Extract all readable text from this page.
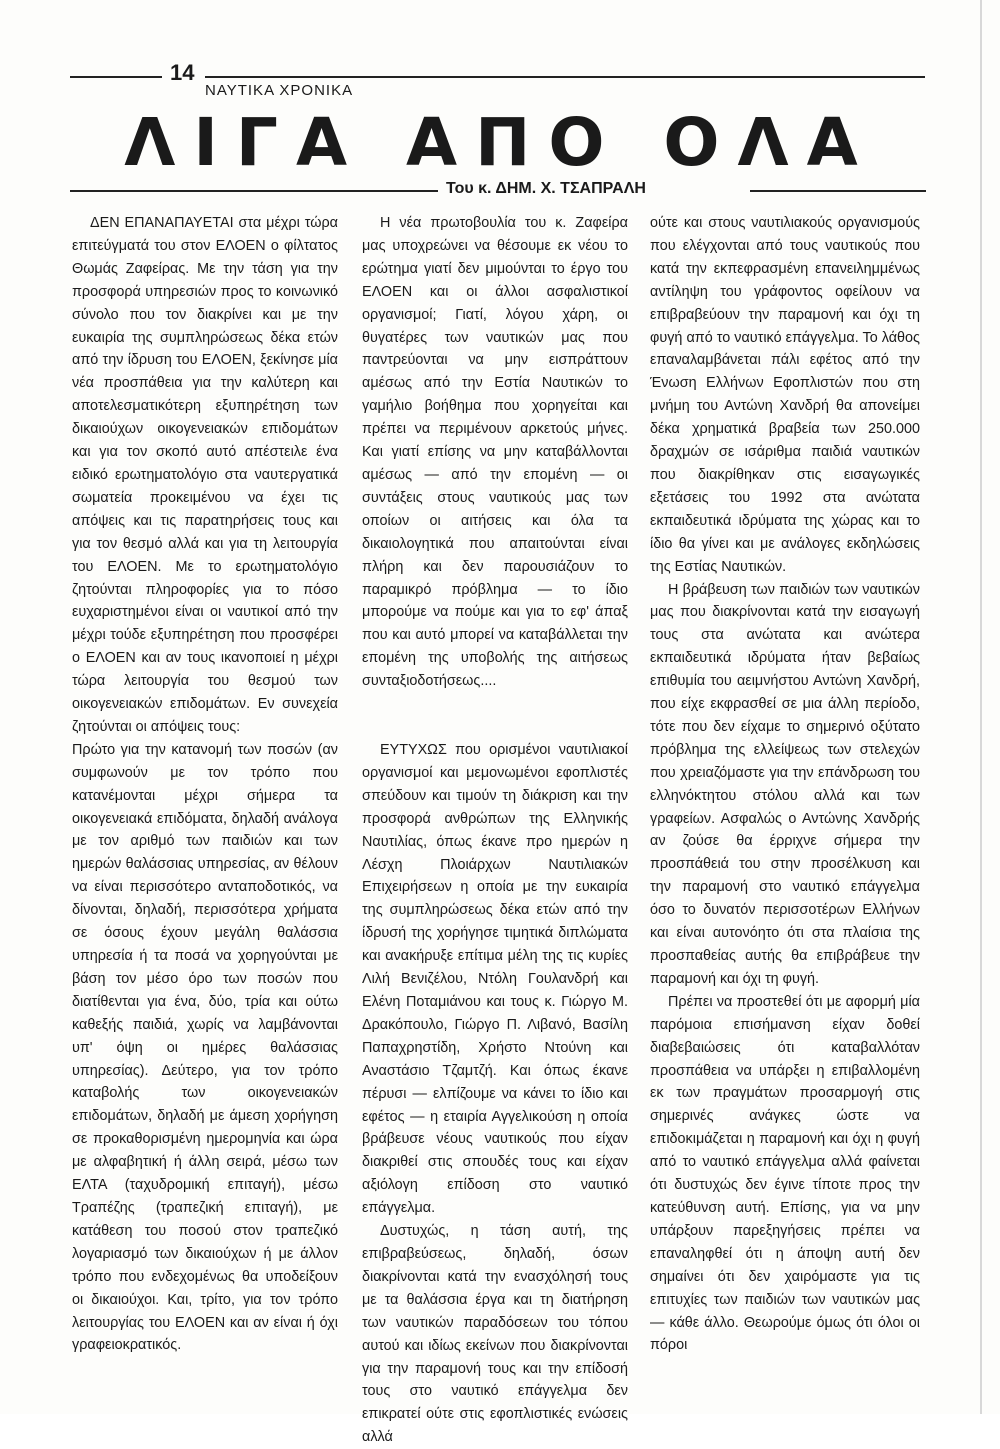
14
ΝΑΥΤΙΚΑ ΧΡΟΝΙΚΑ
ΛΙΓΑ ΑΠΟ ΟΛΑ
Του κ. ΔΗΜ. Χ. ΤΣΑΠΡΑΛΗ

ΔΕΝ ΕΠΑΝΑΠΑΥΕΤΑΙ στα μέχρι τώρα επιτεύγματά του στον ΕΛΟΕΝ ο φίλτατος Θωμάς Ζαφείρας. Με την τάση για την προσφορά υπηρεσιών προς το κοινωνικό σύνολο που τον διακρίνει και με την ευκαιρία της συμπληρώσεως δέκα ετών από την ίδρυση του ΕΛΟΕΝ, ξεκίνησε μία νέα προσπάθεια για την καλύτερη και αποτελεσματικότερη εξυπηρέτηση των δικαιούχων οικογενειακών επιδομάτων και για τον σκοπό αυτό απέστειλε ένα ειδικό ερωτηματολόγιο στα ναυτεργατικά σωματεία προκειμένου να έχει τις απόψεις και τις παρατηρήσεις τους και για τον θεσμό αλλά και για τη λειτουργία του ΕΛΟΕΝ. Με το ερωτηματολόγιο ζητούνται πληροφορίες για το πόσο ευχαριστημένοι είναι οι ναυτικοί από την μέχρι τούδε εξυπηρέτηση που προσφέρει ο ΕΛΟΕΝ και αν τους ικανοποιεί η μέχρι τώρα λειτουργία του θεσμού των οικογενειακών επιδομάτων. Εν συνεχεία ζητούνται οι απόψεις τους:

Πρώτο για την κατανομή των ποσών (αν συμφωνούν με τον τρόπο που κατανέμονται μέχρι σήμερα τα οικογενειακά επιδόματα, δηλαδή ανάλογα με τον αριθμό των παιδιών και των ημερών θαλάσσιας υπηρεσίας, αν θέλουν να είναι περισσότερο ανταποδοτικός, να δίνονται, δηλαδή, περισσότερα χρήματα σε όσους έχουν μεγάλη θαλάσσια υπηρεσία ή τα ποσά να χορηγούνται με βάση τον μέσο όρο των ποσών που διατίθενται για ένα, δύο, τρία και ούτω καθεξής παιδιά, χωρίς να λαμβάνονται υπ' όψη οι ημέρες θαλάσσιας υπηρεσίας). Δεύτερο, για τον τρόπο καταβολής των οικογενειακών επιδομάτων, δηλαδή με άμεση χορήγηση σε προκαθορισμένη ημερομηνία και ώρα με αλφαβητική ή άλλη σειρά, μέσω των ΕΛΤΑ (ταχυδρομική επιταγή), μέσω Τραπέζης (τραπεζική επιταγή), με κατάθεση του ποσού στον τραπεζικό λογαριασμό των δικαιούχων ή με άλλον τρόπο που ενδεχομένως θα υποδείξουν οι δικαιούχοι. Και, τρίτο, για τον τρόπο λειτουργίας του ΕΛΟΕΝ και αν είναι ή όχι γραφειοκρατικός.

Η νέα πρωτοβουλία του κ. Ζαφείρα μας υποχρεώνει να θέσουμε εκ νέου το ερώτημα γιατί δεν μιμούνται το έργο του ΕΛΟΕΝ και οι άλλοι ασφαλιστικοί οργανισμοί; Γιατί, λόγου χάρη, οι θυγατέρες των ναυτικών μας που παντρεύονται να μην εισπράττουν αμέσως από την Εστία Ναυτικών το γαμήλιο βοήθημα που χορηγείται και πρέπει να περιμένουν αρκετούς μήνες. Και γιατί επίσης να μην καταβάλλονται αμέσως — από την επομένη — οι συντάξεις στους ναυτικούς μας των οποίων οι αιτήσεις και όλα τα δικαιολογητικά που απαιτούνται είναι πλήρη και δεν παρουσιάζουν το παραμικρό πρόβλημα — το ίδιο μπορούμε να πούμε και για το εφ' άπαξ που και αυτό μπορεί να καταβάλλεται την επομένη της υποβολής της αιτήσεως συνταξιοδοτήσεως....

ΕΥΤΥΧΩΣ που ορισμένοι ναυτιλιακοί οργανισμοί και μεμονωμένοι εφοπλιστές σπεύδουν και τιμούν τη διάκριση και την προσφορά ανθρώπων της Ελληνικής Ναυτιλίας, όπως έκανε προ ημερών η Λέσχη Πλοιάρχων Ναυτιλιακών Επιχειρήσεων η οποία με την ευκαιρία της συμπληρώσεως δέκα ετών από την ίδρυσή της χορήγησε τιμητικά διπλώματα και ανακήρυξε επίτιμα μέλη της τις κυρίες Λιλή Βενιζέλου, Ντόλη Γουλανδρή και Ελένη Ποταμιάνου και τους κ. Γιώργο Μ. Δρακόπουλο, Γιώργο Π. Λιβανό, Βασίλη Παπαχρηστίδη, Χρήστο Ντούνη και Αναστάσιο Τζαμτζή. Και όπως έκανε πέρυσι — ελπίζουμε να κάνει το ίδιο και εφέτος — η εταιρία Αγγελικούση η οποία βράβευσε νέους ναυτικούς που είχαν διακριθεί στις σπουδές τους και είχαν αξιόλογη επίδοση στο ναυτικό επάγγελμα.

Δυστυχώς, η τάση αυτή, της επιβραβεύσεως, δηλαδή, όσων διακρίνονται κατά την ενασχόλησή τους με τα θαλάσσια έργα και τη διατήρηση των ναυτικών παραδόσεων του τόπου αυτού και ιδίως εκείνων που διακρίνονται για την παραμονή τους και την επίδοσή τους στο ναυτικό επάγγελμα δεν επικρατεί ούτε στις εφοπλιστικές ενώσεις αλλά

ούτε και στους ναυτιλιακούς οργανισμούς που ελέγχονται από τους ναυτικούς που κατά την εκπεφρασμένη επανειλημμένως αντίληψη του γράφοντος οφείλουν να επιβραβεύουν την παραμονή και όχι τη φυγή από το ναυτικό επάγγελμα. Το λάθος επαναλαμβάνεται πάλι εφέτος από την Ένωση Ελλήνων Εφοπλιστών που στη μνήμη του Αντώνη Χανδρή θα απονείμει δέκα χρηματικά βραβεία των 250.000 δραχμών σε ισάριθμα παιδιά ναυτικών που διακρίθηκαν στις εισαγωγικές εξετάσεις του 1992 στα ανώτατα εκπαιδευτικά ιδρύματα της χώρας και το ίδιο θα γίνει και με ανάλογες εκδηλώσεις της Εστίας Ναυτικών.

Η βράβευση των παιδιών των ναυτικών μας που διακρίνονται κατά την εισαγωγή τους στα ανώτατα και ανώτερα εκπαιδευτικά ιδρύματα ήταν βεβαίως επιθυμία του αειμνήστου Αντώνη Χανδρή, που είχε εκφρασθεί σε μια άλλη περίοδο, τότε που δεν είχαμε το σημερινό οξύτατο πρόβλημα της ελλείψεως των στελεχών που χρειαζόμαστε για την επάνδρωση του ελληνόκτητου στόλου αλλά και των γραφείων. Ασφαλώς ο Αντώνης Χανδρής αν ζούσε θα έρριχνε σήμερα την προσπάθειά του στην προσέλκυση και την παραμονή στο ναυτικό επάγγελμα όσο το δυνατόν περισσοτέρων Ελλήνων και είναι αυτονόητο ότι στα πλαίσια της προσπαθείας αυτής θα επιβράβευε την παραμονή και όχι τη φυγή.

Πρέπει να προστεθεί ότι με αφορμή μία παρόμοια επισήμανση είχαν δοθεί διαβεβαιώσεις ότι καταβαλλόταν προσπάθεια να υπάρξει η επιβαλλομένη εκ των πραγμάτων προσαρμογή στις σημερινές ανάγκες ώστε να επιδοκιμάζεται η παραμονή και όχι η φυγή από το ναυτικό επάγγελμα αλλά φαίνεται ότι δυστυχώς δεν έγινε τίποτε προς την κατεύθυνση αυτή. Επίσης, για να μην υπάρξουν παρεξηγήσεις πρέπει να επαναληφθεί ότι η άποψη αυτή δεν σημαίνει ότι δεν χαιρόμαστε για τις επιτυχίες των παιδιών των ναυτικών μας — κάθε άλλο. Θεωρούμε όμως ότι όλοι οι πόροι
